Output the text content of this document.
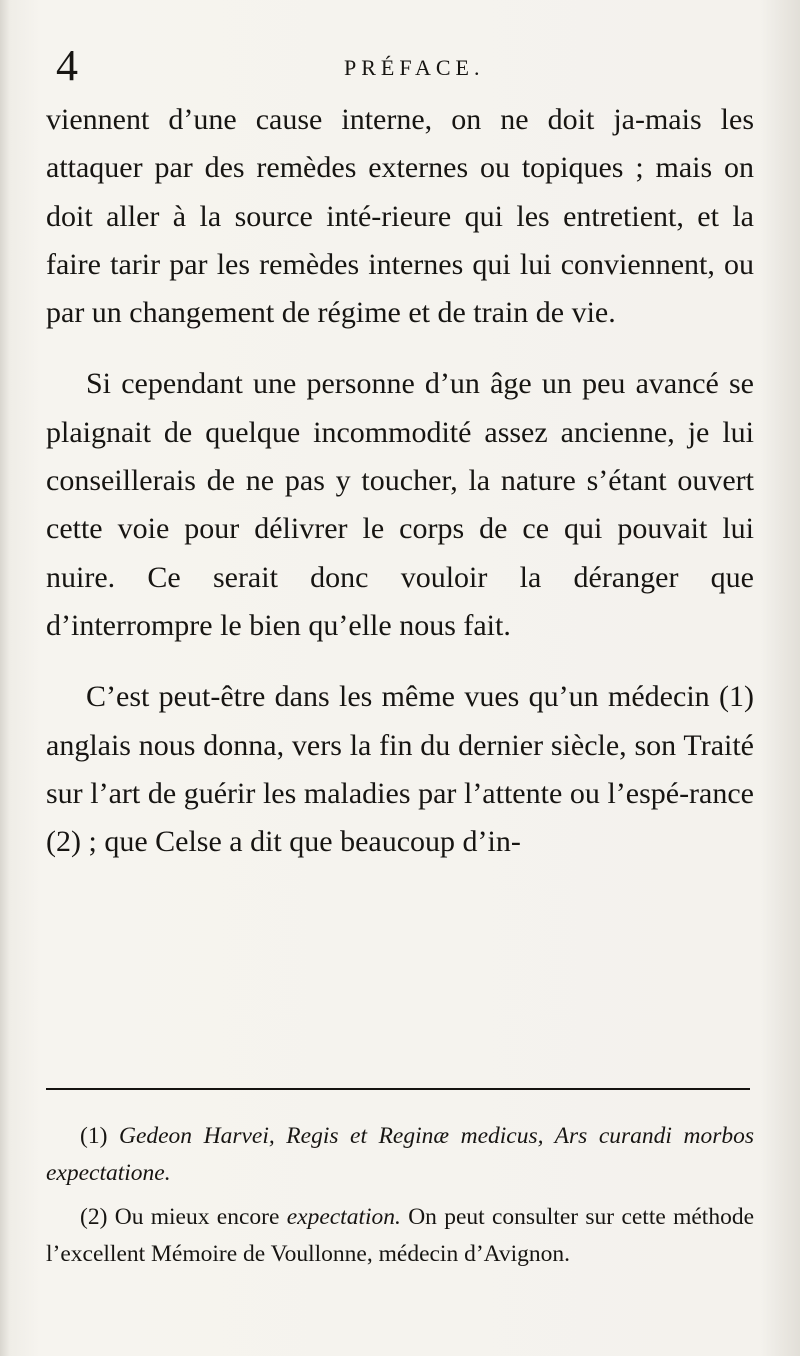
4	PRÉFACE.

viennent d’une cause interne, on ne doit ja-mais les attaquer par des remèdes externes ou topiques ; mais on doit aller à la source inté-rieure qui les entretient, et la faire tarir par les remèdes internes qui lui conviennent, ou par un changement de régime et de train de vie.

Si cependant une personne d’un âge un peu avancé se plaignait de quelque incommodité assez ancienne, je lui conseillerais de ne pas y toucher, la nature s’étant ouvert cette voie pour délivrer le corps de ce qui pouvait lui nuire. Ce serait donc vouloir la déranger que d’interrompre le bien qu’elle nous fait.

C’est peut-être dans les même vues qu’un médecin (1) anglais nous donna, vers la fin du dernier siècle, son Traité sur l’art de guérir les maladies par l’attente ou l’espé-rance (2) ; que Celse a dit que beaucoup d’in-

(1) Gedeon Harvei, Regis et Reginæ medicus, Ars curandi morbos expectatione.

(2) Ou mieux encore expectation. On peut consulter sur cette méthode l’excellent Mémoire de Voullonne, médecin d’Avignon.
